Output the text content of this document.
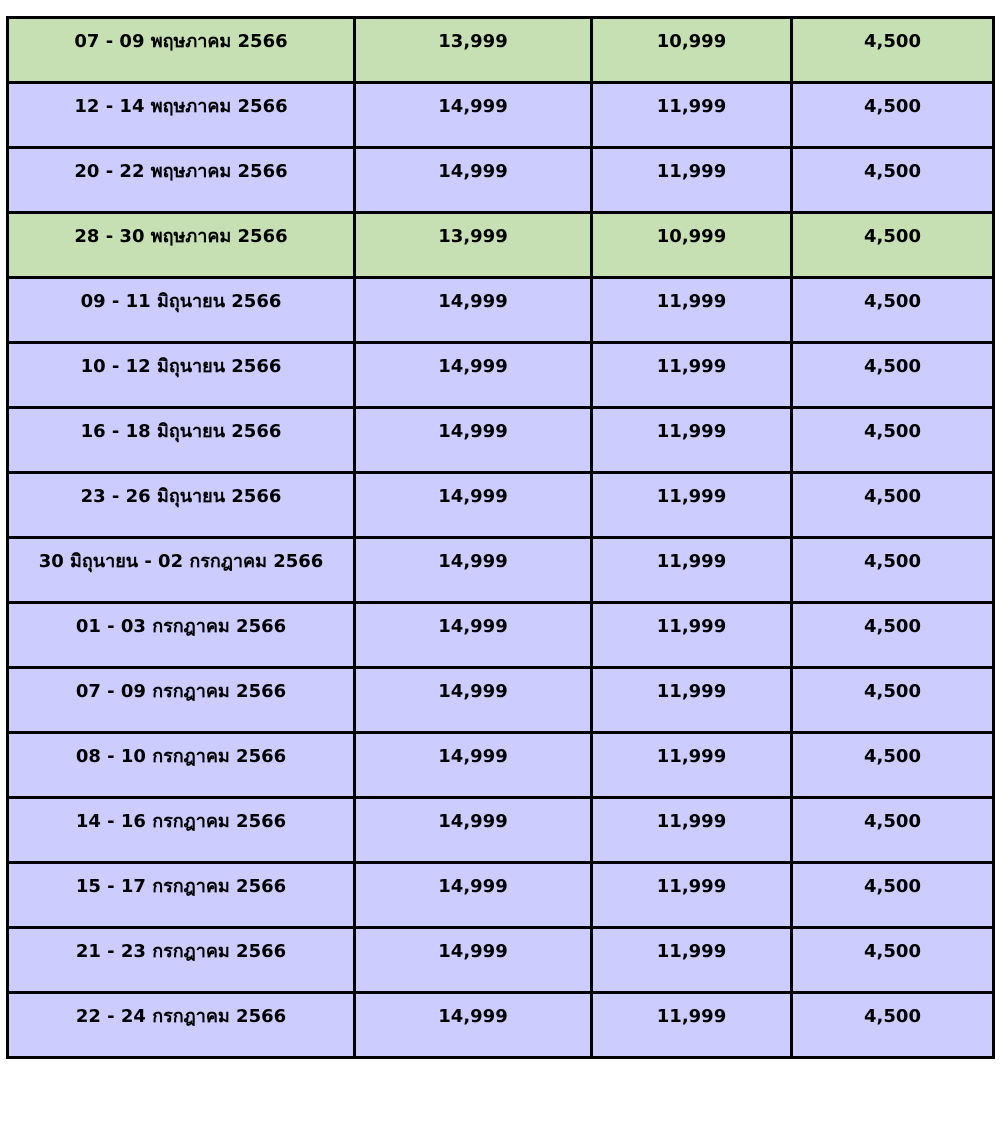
07 - 09 พฤษภาคม 2566	13,999	10,999	4,500

12 - 14 พฤษภาคม 2566	14,999	11,999	4,500

20 - 22 พฤษภาคม 2566	14,999	11,999	4,500

28 - 30 พฤษภาคม 2566	13,999	10,999	4,500

09 - 11 มิถุนายน 2566	14,999	11,999	4,500

10 - 12 มิถุนายน 2566	14,999	11,999	4,500

16 - 18 มิถุนายน 2566	14,999	11,999	4,500

23 - 26 มิถุนายน 2566	14,999	11,999	4,500

30 มิถุนายน - 02 กรกฎาคม 2566	14,999	11,999	4,500

01 - 03 กรกฎาคม 2566	14,999	11,999	4,500

07 - 09 กรกฎาคม 2566	14,999	11,999	4,500

08 - 10 กรกฎาคม 2566	14,999	11,999	4,500

14 - 16 กรกฎาคม 2566	14,999	11,999	4,500

15 - 17 กรกฎาคม 2566	14,999	11,999	4,500

21 - 23 กรกฎาคม 2566	14,999	11,999	4,500

22 - 24 กรกฎาคม 2566	14,999	11,999	4,500
